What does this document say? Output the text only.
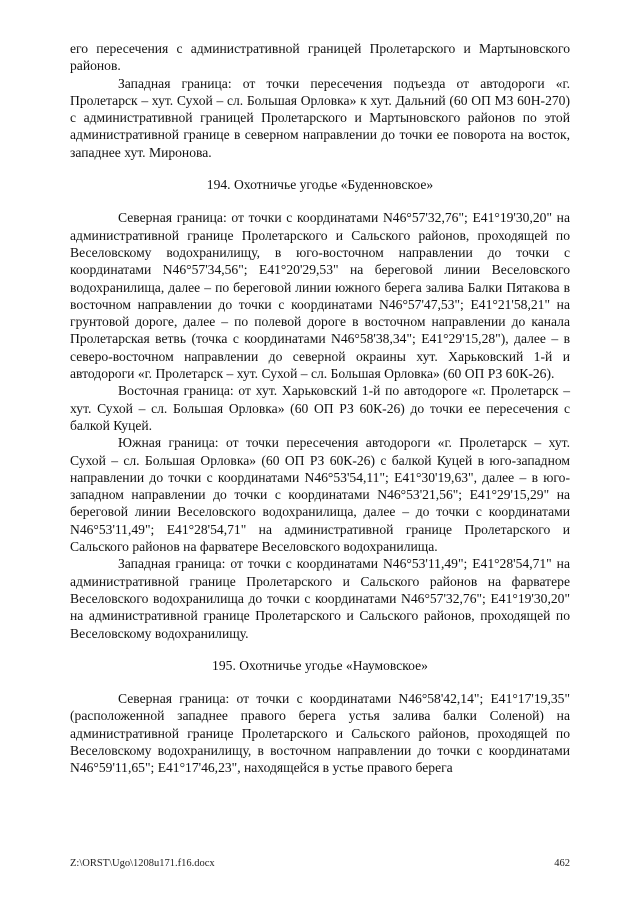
его пересечения с административной границей Пролетарского и Мартыновского районов.

Западная граница: от точки пересечения подъезда от автодороги «г. Пролетарск – хут. Сухой – сл. Большая Орловка» к хут. Дальний (60 ОП МЗ 60Н-270) с административной границей Пролетарского и Мартыновского районов по этой административной границе в северном направлении до точки ее поворота на восток, западнее хут. Миронова.

194. Охотничье угодье «Буденновское»

Северная граница: от точки с координатами N46°57'32,76"; E41°19'30,20" на административной границе Пролетарского и Сальского районов, проходящей по Веселовскому водохранилищу, в юго-восточном направлении до точки с координатами N46°57'34,56"; E41°20'29,53" на береговой линии Веселовского водохранилища, далее – по береговой линии южного берега залива Балки Пятакова в восточном направлении до точки с координатами N46°57'47,53"; E41°21'58,21" на грунтовой дороге, далее – по полевой дороге в восточном направлении до канала Пролетарская ветвь (точка с координатами N46°58'38,34"; E41°29'15,28"), далее – в северо-восточном направлении до северной окраины хут. Харьковский 1-й и автодороги «г. Пролетарск – хут. Сухой – сл. Большая Орловка» (60 ОП РЗ 60К-26).

Восточная граница: от хут. Харьковский 1-й по автодороге «г. Пролетарск – хут. Сухой – сл. Большая Орловка» (60 ОП РЗ 60К-26) до точки ее пересечения с балкой Куцей.

Южная граница: от точки пересечения автодороги «г. Пролетарск – хут. Сухой – сл. Большая Орловка» (60 ОП РЗ 60К-26) с балкой Куцей в юго-западном направлении до точки с координатами N46°53'54,11"; E41°30'19,63", далее – в юго-западном направлении до точки с координатами N46°53'21,56"; E41°29'15,29" на береговой линии Веселовского водохранилища, далее – до точки с координатами N46°53'11,49"; E41°28'54,71" на административной границе Пролетарского и Сальского районов на фарватере Веселовского водохранилища.

Западная граница: от точки с координатами N46°53'11,49"; E41°28'54,71" на административной границе Пролетарского и Сальского районов на фарватере Веселовского водохранилища до точки с координатами N46°57'32,76"; E41°19'30,20" на административной границе Пролетарского и Сальского районов, проходящей по Веселовскому водохранилищу.

195. Охотничье угодье «Наумовское»

Северная граница: от точки с координатами N46°58'42,14"; E41°17'19,35" (расположенной западнее правого берега устья залива балки Соленой) на административной границе Пролетарского и Сальского районов, проходящей по Веселовскому водохранилищу, в восточном направлении до точки с координатами N46°59'11,65"; E41°17'46,23", находящейся в устье правого берега

Z:\ORST\Ugo\1208u171.f16.docx	462
